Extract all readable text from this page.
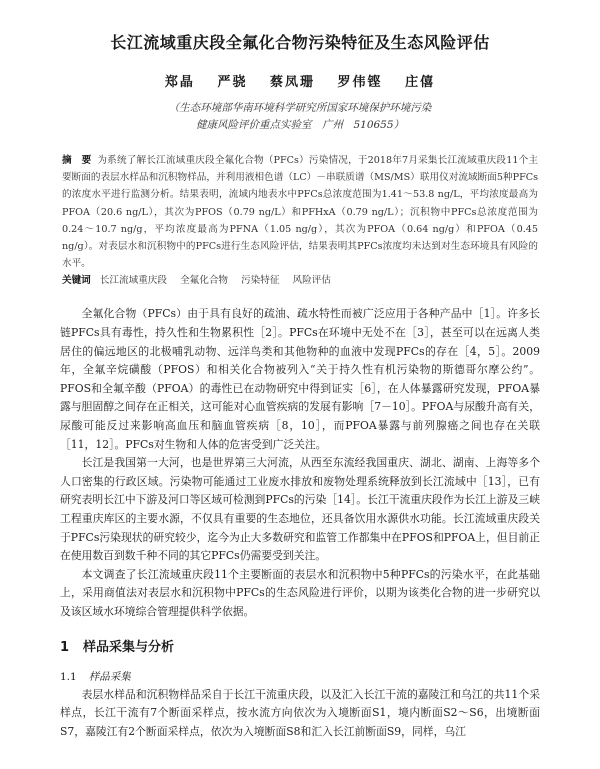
长江流域重庆段全氟化合物污染特征及生态风险评估
郑晶 严骁 蔡凤珊 罗伟铿 庄僖
（生态环境部华南环境科学研究所国家环境保护环境污染
健康风险评价重点实验室　广州　510655）
摘　要 为系统了解长江流域重庆段全氟化合物（PFCs）污染情况，于2018年7月采集长江流域重庆段11个主要断面的表层水样品和沉积物样品，并利用液相色谱（LC）－串联质谱（MS/MS）联用仪对流域断面5种PFCs的浓度水平进行监测分析。结果表明，流域内地表水中PFCs总浓度范围为1.41～53.8 ng/L，平均浓度最高为PFOA（20.6 ng/L），其次为PFOS（0.79 ng/L）和PFHxA（0.79 ng/L）；沉积物中PFCs总浓度范围为0.24～10.7 ng/g，平均浓度最高为PFNA（1.05 ng/g），其次为PFOA（0.64 ng/g）和PFOA（0.45 ng/g）。对表层水和沉积物中的PFCs进行生态风险评估，结果表明其PFCs浓度均未达到对生态环境具有风险的水平。
关键词 长江流域重庆段 全氟化合物 污染特征 风险评估

全氟化合物（PFCs）由于具有良好的疏油、疏水特性而被广泛应用于各种产品中［1］。许多长链PFCs具有毒性，持久性和生物累积性［2］。PFCs在环境中无处不在［3］，甚至可以在远离人类居住的偏远地区的北极哺乳动物、远洋鸟类和其他物种的血液中发现PFCs的存在［4，5］。2009年，全氟辛烷磺酸（PFOS）和相关化合物被列入“关于持久性有机污染物的斯德哥尔摩公约”。PFOS和全氟辛酸（PFOA）的毒性已在动物研究中得到证实［6］，在人体暴露研究发现，PFOA暴露与胆固醇之间存在正相关，这可能对心血管疾病的发展有影响［7－10］。PFOA与尿酸升高有关，尿酸可能反过来影响高血压和脑血管疾病［8，10］，而PFOA暴露与前列腺癌之间也存在关联［11，12］。PFCs对生物和人体的危害受到广泛关注。

长江是我国第一大河，也是世界第三大河流，从西至东流经我国重庆、湖北、湖南、上海等多个人口密集的行政区域。污染物可能通过工业废水排放和废物处理系统释放到长江流域中［13］，已有研究表明长江中下游及河口等区域可检测到PFCs的污染［14］。长江干流重庆段作为长江上游及三峡工程重庆库区的主要水源，不仅具有重要的生态地位，还具备饮用水源供水功能。长江流域重庆段关于PFCs污染现状的研究较少，迄今为止大多数研究和监管工作都集中在PFOS和PFOA上，但目前正在使用数百到数千种不同的其它PFCs仍需要受到关注。

本文调查了长江流域重庆段11个主要断面的表层水和沉积物中5种PFCs的污染水平，在此基础上，采用商值法对表层水和沉积物中PFCs的生态风险进行评价，以期为该类化合物的进一步研究以及该区域水环境综合管理提供科学依据。

1 样品采集与分析
1.1 样品采集

表层水样品和沉积物样品采自于长江干流重庆段，以及汇入长江干流的嘉陵江和乌江的共11个采样点，长江干流有7个断面采样点，按水流方向依次为入境断面S1，境内断面S2～S6，出境断面S7，嘉陵江有2个断面采样点，依次为入境断面S8和汇入长江前断面S9，同样，乌江
